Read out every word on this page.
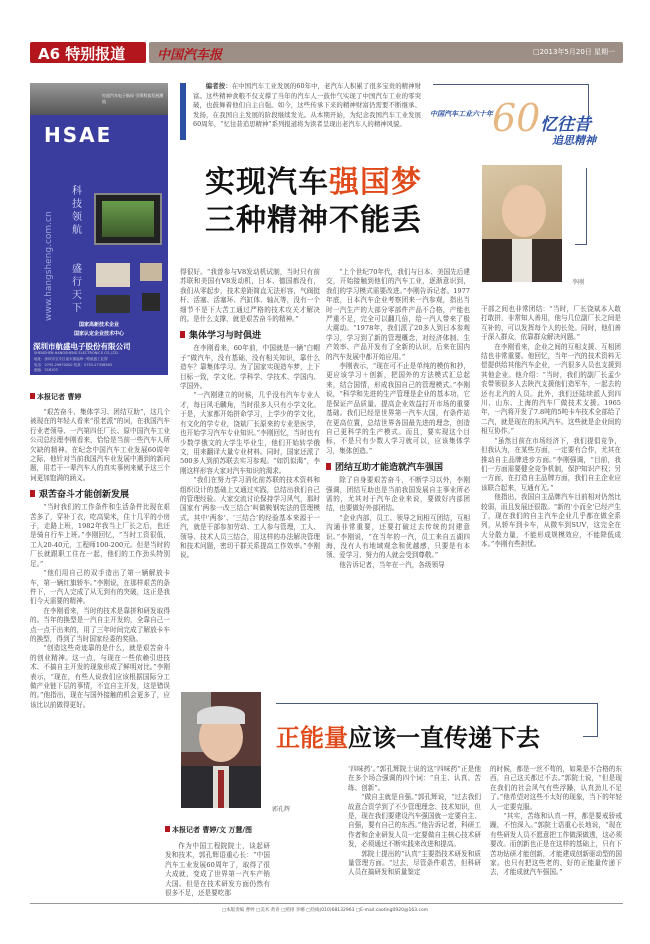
A6 特别报道	中国汽车报	□2013年5月20日 星期一
打造汽车电子航母 引领科技发展潮流
HSAE
www.hangsheng.com.cn
科技领航
盛行天下
国家高新技术企业
国家认定企业技术中心
深圳市航盛电子股份有限公司
SHENZHEN HANGSHENG ELECTRONICS CO.,LTD.
地址：深圳市宝安区福永镇福海一路航盛工业园
电话：0755-29670000 传真：0755-27358583
邮编：518103

编者按：在中国汽车工业发展的60年中，老汽车人积累了很多宝贵的精神财富。这些精神食粮不仅支撑了当年的汽车人一鼓作气实现了中国汽车工业的零突破，也鼓舞着他们自主自强。如今，这些传承下来的精神财富仍需要不断继承、发扬，在我国自主发展的阶段继续发光。从本期开始，为纪念我国汽车工业发展60周年，“忆往昔追思精神”系列报道将为读者呈现出老汽车人的精神风貌。

中国汽车工业六十年 60 忆往昔
追思精神
实现汽车强国梦
三种精神不能丢
李刚
本报记者 曹婷

“艰苦奋斗、集体学习、团结互助”，这几个被现在的年轻人看来“很老派”的词，在我国汽车行业老领导、一汽第四任厂长、原中国汽车工业公司总经理李刚看来，恰恰是当前一些汽车人所欠缺的精神。在纪念中国汽车工业发展60周年之际，他针对当前我国汽车业发展中遇到的新问题，用若干一辈汽车人的真实事例来赋予这三个词更加饱满的涵义。

艰苦奋斗才能创新发展

“当时我们的工作条件和生活条件比现在艰苦多了，穿补丁衣，吃高粱米，住十几平的小房子，走路上班，1982年我当上厂长之后，也还是骑自行车上班。”李刚回忆，“当时工资很低，工人20-40元，工程师100-200元。但是当时的厂长就跟职工住在一起，他们的工作劲头特别足。”

“他们用自己的双手造出了第一辆解放卡车，第一辆红旗轿车。”李刚说，在那样艰苦的条件下，一汽人完成了从无到有的突破，这正是我们今天需要的精神。

在李刚看来，当时的技术是靠拼和研发取得的。当年的换型是一汽自主开发的，全靠自己一点一点干出来的，用了三年时间完成了解放卡车的换型，得到了当时国家经委的奖励。

“创造这些奇迹靠的是什么，就是艰苦奋斗的创业精神。这一点，与现在一些依赖引进技术、不搞自主开发的现象形成了鲜明对比。”李刚表示，“现在，有些人说我们应该根据国际分工做产业链下层的事情，不宜自主开发，这是错误的。”他指出，现在与国外接触的机会更多了，应该比以前做得更好。

得很好。“我曾参与V8发动机试制，当时只有前苏联和美国有V8发动机，日本、德国都没有，我们从零起步，技术差距简直无法形容，气阀挺杆、活塞、活塞环、汽缸体、轴瓦等，没有一个细节不是下大苦工通过严格的技术攻关才解决的。是什么支撑，就是艰苦奋斗的精神。”

集体学习与时俱进

在李刚看来，60年前，中国就是一辆“白帽子”做汽车，没有基础，没有相关知识，靠什么造车？靠集体学习。为了国家实现造车梦，上下目标一致，学文化、学科学、学技术、学国内、学国外。

“一汽刚建立的时候，几乎没有汽车专业人才，每日风毛麟角，当时很多人只有小学文化。于是，大家都开始拼命学习，上学少的学文化，有文化的学专业，饶斌厂长原来的专业是医学，也开始学习汽车专业知识。”李刚回忆，当时也有少数学俄文的大学生毕业生，他们开始转学俄文，用来翻译大量专业材料。同时，国家还派了500多人到前苏联去实习参观。“如饥似渴”，李刚这样形容大家对汽车知识的渴求。

“我们在努力学习消化前苏联的技术资料和组织设计的基础上又通过实践，总结出我们自己的管理经验。大家交流讨论保持学习风气，那时国家有‘两参一改三结合’叫做鞍钢宪法的管理模式。其中‘两参’、‘三结合’的经验基本来源于一汽，就是干部参加劳动、工人参与管理，工人、领导、技术人员三结合，用这样的办法解决管理和技术问题，密切干群关系提高工作效率。”李刚说。

“上个世纪70年代，我们与日本、美国先后建交，开始接触到他们的汽车工业，逐渐意识到，我们的学习模式需要改进。”李刚告诉记者。1977年底，日本汽车企业考察团来一汽参观，指出当时一汽生产的大部分零部件产品不合格，产能也严重不足，完全可以翻几倍，给一汽人带来了极大震动。“1978年，我们派了20多人到日本参观学习，学习到了新的管理概念，对经济体制、生产效率、产品开发有了全新的认识，后来在国内的汽车发展中都开始应用。”

李刚表示，“现在可不止是单纯的模仿和抄，更应该学习＋创新，把国外的方法模式汇总起来，结合国情，形成我国自己的管理模式。”李刚说，“科学和先进的生产管理是企业的基本功，它是保证产品质量、提高企业效益打开市场的重要基础。我们已经是世界第一汽车大国，有条件站在更高位置，总结世界各国最先进的理念，创造自己更科学的生产模式。而且，要实现这个目标，不是只有少数人学习就可以，应该集体学习，集体创造。”

团结互助才能造就汽车强国

除了自身要艰苦奋斗，不断学习以外，李刚强调，团结互助也是当前我国发展自主事业所必需的，尤其对于汽车企业来说，要做好内部团结，也要做好外部团结。

“企业内部，员工、领导之间相互团结，互相沟通非常重要，还要打破过去传统的封建意识。”李刚说，“在当年的一汽，员工来自五湖四海，没有人有地域观念和优越感，只要是有本领、爱学习、努力的人就会受到尊敬。”

他告诉记者，当年在一汽，各级领导

干部之间也非常团结：“当时，厂长饶斌本人敢打敢拼，非常知人善用，他与几位副厂长之间是互补的，可以发挥每个人的长处。同时，他们善于深入群众，依靠群众解决问题。”

在李刚看来，企业之间的互相支援、互相团结也非常重要。他回忆，当年一汽的技术资料无偿提供给其他汽车企业，一汽很多人员也支援到其他企业。他介绍：“当时，我们的副厂长孟少农带领很多人去陕汽支援他们造军车，一起去的还有北汽的人员。此外，我们还陆续派人到四川、山东、上海的汽车厂做技术支援。1965年，一汽将开发了7.8吨的5吨卡车技术全部给了二汽，就是现在的东风汽车。这些就是企业间的相互协作。”

“虽然目前在市场经济下，我们提倡竞争，但我认为，在某些方面，一定要有合作，尤其在推动自主品牌进步方面。”李刚强调，“目前，我们一方面需要健全竞争机制，保护知识产权；另一方面，在打造自主品牌方面，我们自主企业应该联合起来，互通有无。”

他指出，我国自主品牌汽车目前相对仍然比较弱，而且发展还很散。“新的‘小而全’已经产生了，现在我们的自主汽车企业几乎都在做全系列，从轿车到卡车，从微车到SUV，这完全在大分散力量，不能形成规模效应，不能降低成本。”李刚有些担忧。

郭孔辉
正能量应该一直传递下去
本报记者 曹婷/文 万慧/图

作为中国工程院院士，谈起研发和技术，郭孔辉语重心长：“中国汽车工业发展60周年了，取得了很大成就，变成了世界第一汽车产销大国。但是在技术研发方面仍然有很多不足，还是要吃那

‘四味药’。”郭孔辉院士说的这“四味药”正是他在多个场合强调的四个词：“自主、认真、苦练、创新”。

“做自主就是自强。”郭孔辉说，“过去我们故意合资学到了不少管理理念、技术知识，但是，现在我们要建设汽车强国就一定要自主、自强，要有自己的东西。”他告诉记者，科研工作者和企业研发人员一定要做自主核心技术研发，必须通过不断实践来改进和提高。

郭院士提出的“认真”主要指技术研发和质量管理方面。“过去，尽管条件艰苦，但科研人员在搞研发和质量鉴定

的时候，都是一丝不苟的，如果是不合格的东西，自己这关都过不去。”郭院士说，“但是现在我们的社会风气有些浮躁，认真劲儿不足了。”他希望对这些不太好的现象，当下的年轻人一定要克服。

“其实，苦练和认真一样，都是要戒骄戒躁，不怕深入。”郭院士语重心长地说，“现在有些研发人员不愿意把工作做深做透，这必须要改。而创新也正是在这样的基础上，只有下苦功钻研才能创新，才能建成创新驱动型的国家。也只有把这些老的、好的正能量传递下去，才能成就汽车强国。”

□本版责编 曹婷 □美术 黄青 □照排 李娜 □热线(010)68132963 □E-mail:caoting0920@163.com
